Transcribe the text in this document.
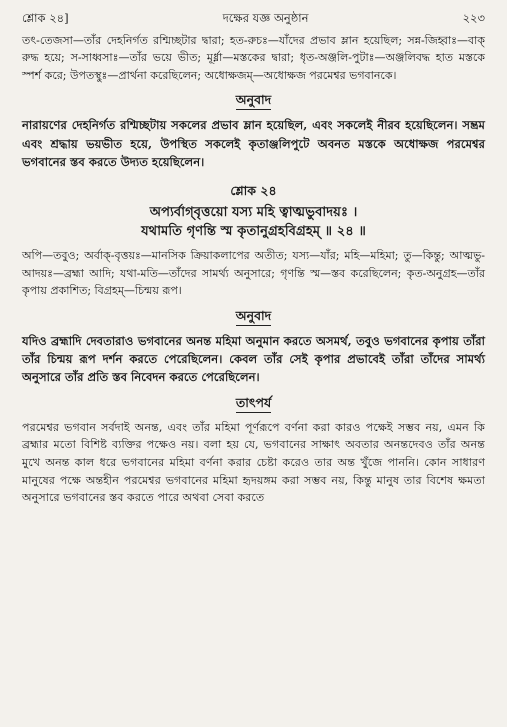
শ্লোক ২৪]	দক্ষের যজ্ঞ অনুষ্ঠান	২২৩

তৎ-তেজসা—তাঁর দেহনির্গত রশ্মিচ্ছটার দ্বারা; হত-রুচঃ—যাঁদের প্রভাব ম্লান হয়েছিল; সন্ন-জিহ্বাঃ—বাক্ রুদ্ধ হয়ে; স-সাধ্বসাঃ—তাঁর ভয়ে ভীত; মূর্ধ্না—মস্তকের দ্বারা; ধৃত-অঞ্জলি-পুটাঃ—অঞ্জলিবদ্ধ হাত মস্তকে স্পর্শ করে; উপতস্থুঃ—প্রার্থনা করেছিলেন; অধোক্ষজম্—অধোক্ষজ পরমেশ্বর ভগবানকে।

অনুবাদ

নারায়ণের দেহনির্গত রশ্মিচ্ছটায় সকলের প্রভাব ম্লান হয়েছিল, এবং সকলেই নীরব হয়েছিলেন। সম্ভ্রম এবং শ্রদ্ধায় ভয়ভীত হয়ে, উপস্থিত সকলেই কৃতাঞ্জলিপুটে অবনত মস্তকে অধোক্ষজ পরমেশ্বর ভগবানের স্তব করতে উদ্যত হয়েছিলেন।

শ্লোক ২৪
অপ্যর্বাগ্‌বৃত্তয়ো যস্য মহি ত্বাত্মভুবাদয়ঃ ।
যথামতি গৃণন্তি স্ম কৃতানুগ্রহবিগ্রহম্ ॥ ২৪ ॥

অপি—তবুও; অর্বাক্-বৃত্তয়ঃ—মানসিক ক্রিয়াকলাপের অতীত; যস্য—যাঁর; মহি—মহিমা; তু—কিন্তু; আত্মভু-আদয়ঃ—ব্রহ্মা আদি; যথা-মতি—তাঁদের সামর্থ্য অনুসারে; গৃণন্তি স্ম—স্তব করেছিলেন; কৃত-অনুগ্রহ—তাঁর কৃপায় প্রকাশিত; বিগ্রহম্—চিন্ময় রূপ।

অনুবাদ

যদিও ব্রহ্মাদি দেবতারাও ভগবানের অনন্ত মহিমা অনুমান করতে অসমর্থ, তবুও ভগবানের কৃপায় তাঁরা তাঁর চিন্ময় রূপ দর্শন করতে পেরেছিলেন। কেবল তাঁর সেই কৃপার প্রভাবেই তাঁরা তাঁদের সামর্থ্য অনুসারে তাঁর প্রতি স্তব নিবেদন করতে পেরেছিলেন।

তাৎপর্য

পরমেশ্বর ভগবান সর্বদাই অনন্ত, এবং তাঁর মহিমা পূর্ণরূপে বর্ণনা করা কারও পক্ষেই সম্ভব নয়, এমন কি ব্রহ্মার মতো বিশিষ্ট ব্যক্তির পক্ষেও নয়। বলা হয় যে, ভগবানের সাক্ষাৎ অবতার অনন্তদেবও তাঁর অনন্ত মুখে অনন্ত কাল ধরে ভগবানের মহিমা বর্ণনা করার চেষ্টা করেও তার অন্ত খুঁজে পাননি। কোন সাধারণ মানুষের পক্ষে অন্তহীন পরমেশ্বর ভগবানের মহিমা হৃদয়ঙ্গম করা সম্ভব নয়, কিন্তু মানুষ তার বিশেষ ক্ষমতা অনুসারে ভগবানের স্তব করতে পারে অথবা সেবা করতে
